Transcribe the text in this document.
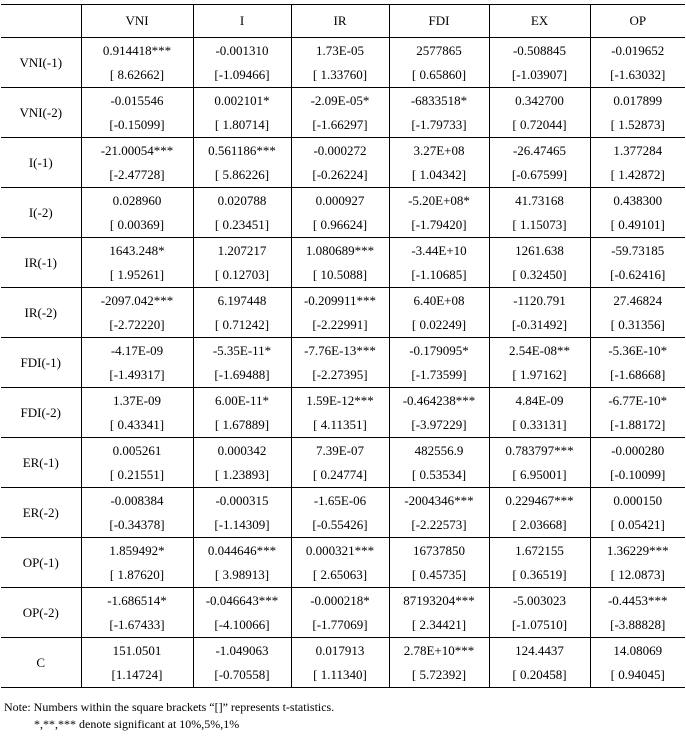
	VNI	I	IR	FDI	EX	OP
VNI(-1)	0.914418***	-0.001310	1.73E-05	2577865	-0.508845	-0.019652
	[ 8.62662]	[-1.09466]	[ 1.33760]	[ 0.65860]	[-1.03907]	[-1.63032]
VNI(-2)	-0.015546	0.002101*	-2.09E-05*	-6833518*	0.342700	0.017899
	[-0.15099]	[ 1.80714]	[-1.66297]	[-1.79733]	[ 0.72044]	[ 1.52873]
I(-1)	-21.00054***	0.561186***	-0.000272	3.27E+08	-26.47465	1.377284
	[-2.47728]	[ 5.86226]	[-0.26224]	[ 1.04342]	[-0.67599]	[ 1.42872]
I(-2)	0.028960	0.020788	0.000927	-5.20E+08*	41.73168	0.438300
	[ 0.00369]	[ 0.23451]	[ 0.96624]	[-1.79420]	[ 1.15073]	[ 0.49101]
IR(-1)	1643.248*	1.207217	1.080689***	-3.44E+10	1261.638	-59.73185
	[ 1.95261]	[ 0.12703]	[ 10.5088]	[-1.10685]	[ 0.32450]	[-0.62416]
IR(-2)	-2097.042***	6.197448	-0.209911***	6.40E+08	-1120.791	27.46824
	[-2.72220]	[ 0.71242]	[-2.22991]	[ 0.02249]	[-0.31492]	[ 0.31356]
FDI(-1)	-4.17E-09	-5.35E-11*	-7.76E-13***	-0.179095*	2.54E-08**	-5.36E-10*
	[-1.49317]	[-1.69488]	[-2.27395]	[-1.73599]	[ 1.97162]	[-1.68668]
FDI(-2)	1.37E-09	6.00E-11*	1.59E-12***	-0.464238***	4.84E-09	-6.77E-10*
	[ 0.43341]	[ 1.67889]	[ 4.11351]	[-3.97229]	[ 0.33131]	[-1.88172]
ER(-1)	0.005261	0.000342	7.39E-07	482556.9	0.783797***	-0.000280
	[ 0.21551]	[ 1.23893]	[ 0.24774]	[ 0.53534]	[ 6.95001]	[-0.10099]
ER(-2)	-0.008384	-0.000315	-1.65E-06	-2004346***	0.229467***	0.000150
	[-0.34378]	[-1.14309]	[-0.55426]	[-2.22573]	[ 2.03668]	[ 0.05421]
OP(-1)	1.859492*	0.044646***	0.000321***	16737850	1.672155	1.36229***
	[ 1.87620]	[ 3.98913]	[ 2.65063]	[ 0.45735]	[ 0.36519]	[ 12.0873]
OP(-2)	-1.686514*	-0.046643***	-0.000218*	87193204***	-5.003023	-0.4453***
	[-1.67433]	[-4.10066]	[-1.77069]	[ 2.34421]	[-1.07510]	[-3.88828]
C	151.0501	-1.049063	0.017913	2.78E+10***	124.4437	14.08069
	[1.14724]	[-0.70558]	[ 1.11340]	[ 5.72392]	[ 0.20458]	[ 0.94045]
Note: Numbers within the square brackets “[]” represents t-statistics.
*,**,*** denote significant at 10%,5%,1%
